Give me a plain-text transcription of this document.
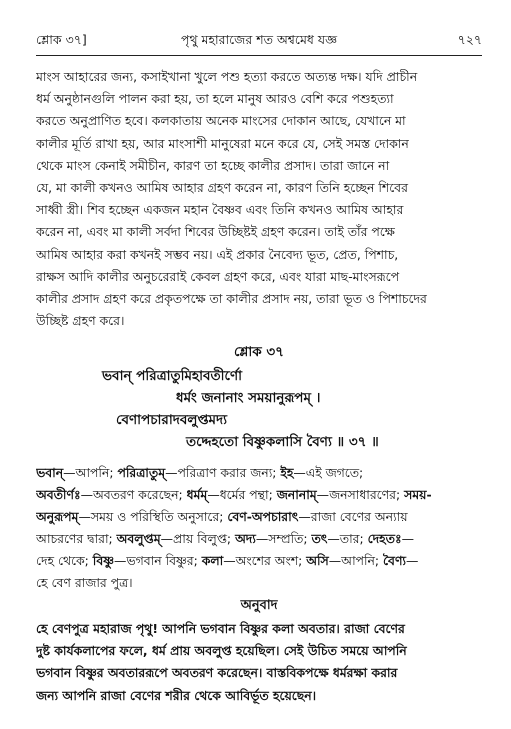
পৃথু মহারাজের শত অশ্বমেধ যজ্ঞ
শ্লোক ৩৭]	৭২৭
মাংস আহারের জন্য, কসাইখানা খুলে পশু হত্যা করতে অত্যন্ত দক্ষ। যদি প্রাচীন
ধর্ম অনুষ্ঠানগুলি পালন করা হয়, তা হলে মানুষ আরও বেশি করে পশুহত্যা
করতে অনুপ্রাণিত হবে। কলকাতায় অনেক মাংসের দোকান আছে, যেখানে মা
কালীর মূর্তি রাখা হয়, আর মাংসাশী মানুষেরা মনে করে যে, সেই সমস্ত দোকান
থেকে মাংস কেনাই সমীচীন, কারণ তা হচ্ছে কালীর প্রসাদ। তারা জানে না
যে, মা কালী কখনও আমিষ আহার গ্রহণ করেন না, কারণ তিনি হচ্ছেন শিবের
সাধ্বী স্ত্রী। শিব হচ্ছেন একজন মহান বৈষ্ণব এবং তিনি কখনও আমিষ আহার
করেন না, এবং মা কালী সর্বদা শিবের উচ্ছিষ্টই গ্রহণ করেন। তাই তাঁর পক্ষে
আমিষ আহার করা কখনই সম্ভব নয়। এই প্রকার নৈবেদ্য ভূত, প্রেত, পিশাচ,
রাক্ষস আদি কালীর অনুচরেরাই কেবল গ্রহণ করে, এবং যারা মাছ-মাংসরূপে
কালীর প্রসাদ গ্রহণ করে প্রকৃতপক্ষে তা কালীর প্রসাদ নয়, তারা ভূত ও পিশাচদের
উচ্ছিষ্ট গ্রহণ করে।
শ্লোক ৩৭
ভবান্ পরিত্রাতুমিহাবতীর্ণো
ধর্মং জনানাং সময়ানুরূপম্ ।
বেণাপচারাদবলুপ্তমদ্য
তদ্দেহতো বিষ্ণুকলাসি বৈণ্য ॥ ৩৭ ॥
ভবান্—আপনি; পরিত্রাতুম্—পরিত্রাণ করার জন্য; ইহ—এই জগতে;
অবতীর্ণঃ—অবতরণ করেছেন; ধর্মম্—ধর্মের পন্থা; জনানাম্—জনসাধারণের; সময়-
অনুরূপম্—সময় ও পরিস্থিতি অনুসারে; বেণ-অপচারাৎ—রাজা বেণের অন্যায়
আচরণের দ্বারা; অবলুপ্তম্—প্রায় বিলুপ্ত; অদ্য—সম্প্রতি; তৎ—তার; দেহতঃ—
দেহ থেকে; বিষ্ণু—ভগবান বিষ্ণুর; কলা—অংশের অংশ; অসি—আপনি; বৈণ্য—
হে বেণ রাজার পুত্র।
অনুবাদ
হে বেণপুত্র মহারাজ পৃথু! আপনি ভগবান বিষ্ণুর কলা অবতার। রাজা বেণের
দুষ্ট কার্যকলাপের ফলে, ধর্ম প্রায় অবলুপ্ত হয়েছিল। সেই উচিত সময়ে আপনি
ভগবান বিষ্ণুর অবতাররূপে অবতরণ করেছেন। বাস্তবিকপক্ষে ধর্মরক্ষা করার
জন্য আপনি রাজা বেণের শরীর থেকে আবির্ভূত হয়েছেন।
